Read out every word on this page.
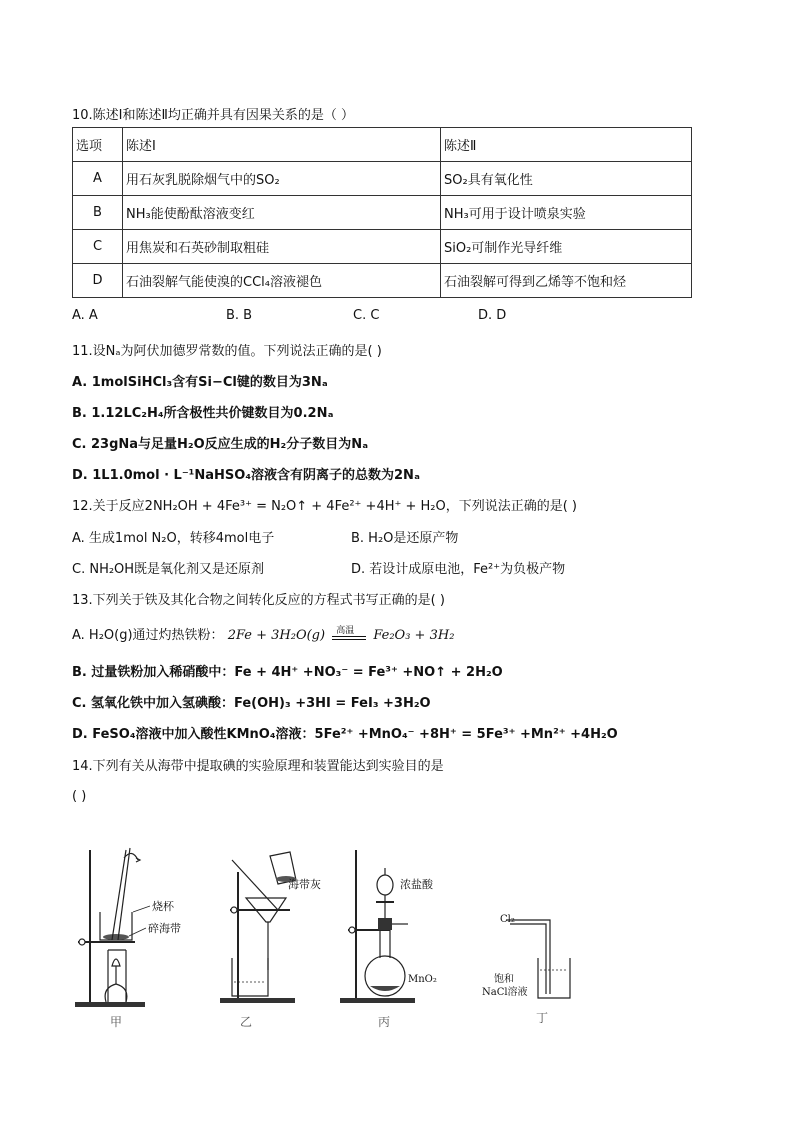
10.陈述Ⅰ和陈述Ⅱ均正确并具有因果关系的是（ ）
选项	陈述Ⅰ	陈述Ⅱ
A	用石灰乳脱除烟气中的SO₂	SO₂具有氧化性
B	NH₃能使酚酞溶液变红	NH₃可用于设计喷泉实验
C	用焦炭和石英砂制取粗硅	SiO₂可制作光导纤维
D	石油裂解气能使溴的CCl₄溶液褪色	石油裂解可得到乙烯等不饱和烃
A. A	B. B	C. C	D. D
11.设Nₐ为阿伏加德罗常数的值。下列说法正确的是( )
A. 1molSiHCl₃含有Si−Cl键的数目为3Nₐ
B. 1.12LC₂H₄所含极性共价键数目为0.2Nₐ
C. 23gNa与足量H₂O反应生成的H₂分子数目为Nₐ
D. 1L1.0mol · L⁻¹NaHSO₄溶液含有阴离子的总数为2Nₐ
12.关于反应2NH₂OH + 4Fe³⁺ = N₂O↑ + 4Fe²⁺ +4H⁺ + H₂O，下列说法正确的是( )
A. 生成1mol N₂O，转移4mol电子	B. H₂O是还原产物
C. NH₂OH既是氧化剂又是还原剂	D. 若设计成原电池，Fe²⁺为负极产物
13.下列关于铁及其化合物之间转化反应的方程式书写正确的是( )
A. H₂O(g)通过灼热铁粉： 2Fe + 3H₂O(g) 高温 Fe₂O₃ + 3H₂
B. 过量铁粉加入稀硝酸中：Fe + 4H⁺ +NO₃⁻ = Fe³⁺ +NO↑ + 2H₂O
C. 氢氧化铁中加入氢碘酸：Fe(OH)₃ +3HI = FeI₃ +3H₂O
D. FeSO₄溶液中加入酸性KMnO₄溶液：5Fe²⁺ +MnO₄⁻ +8H⁺ = 5Fe³⁺ +Mn²⁺ +4H₂O
14.下列有关从海带中提取碘的实验原理和装置能达到实验目的是
( )
烧杯
碎海带
甲
海带灰
乙
浓盐酸
MnO₂
丙
Cl₂
饱和
NaCl溶液
丁
